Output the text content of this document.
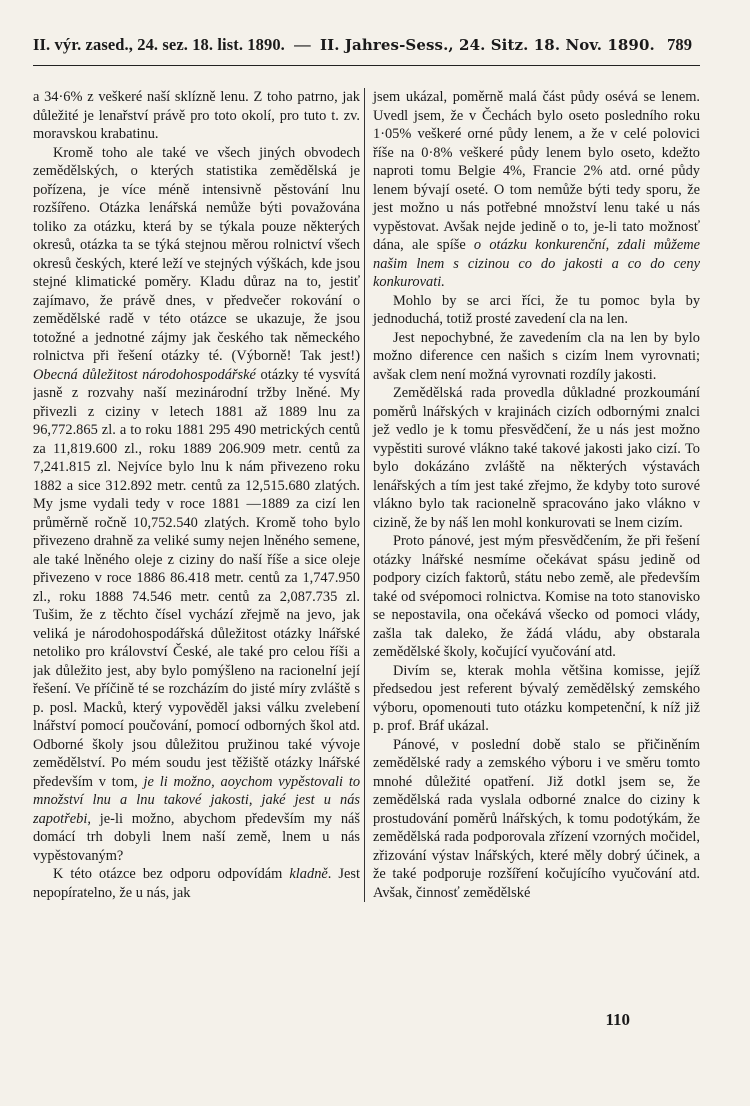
II. výr. zased., 24. sez. 18. list. 1890. — II. Jahres-Sess., 24. Sitz. 18. Nov. 1890. 789

a 34·6% z veškeré naší sklízně lenu. Z toho patrno, jak důležité je lenařství právě pro toto okolí, pro tuto t. zv. moravskou krabatinu.

Kromě toho ale také ve všech jiných obvodech zemědělských, o kterých statistika zemědělská je pořízena, je více méně intensivně pěstování lnu rozšířeno. Otázka lenářská nemůže býti považována toliko za otázku, která by se týkala pouze některých okresů, otázka ta se týká stejnou měrou rolnictví všech okresů českých, které leží ve stejných výškách, kde jsou stejné klimatické poměry. Kladu důraz na to, jestiť zajímavo, že právě dnes, v předvečer rokování o zemědělské radě v této otázce se ukazuje, že jsou totožné a jednotné zájmy jak českého tak německého rolnictva při řešení otázky té. (Výborně! Tak jest!) Obecná důležitost národohospodářské otázky té vysvítá jasně z rozvahy naší mezinárodní tržby lněné. My přivezli z ciziny v letech 1881 až 1889 lnu za 96,772.865 zl. a to roku 1881 295 490 metrických centů za 11,819.600 zl., roku 1889 206.909 metr. centů za 7,241.815 zl. Nejvíce bylo lnu k nám přivezeno roku 1882 a sice 312.892 metr. centů za 12,515.680 zlatých. My jsme vydali tedy v roce 1881 —1889 za cizí len průměrně ročně 10,752.540 zlatých. Kromě toho bylo přivezeno drahně za veliké sumy nejen lněného semene, ale také lněného oleje z ciziny do naší říše a sice oleje přivezeno v roce 1886 86.418 metr. centů za 1,747.950 zl., roku 1888 74.546 metr. centů za 2,087.735 zl. Tušim, že z těchto čísel vychází zřejmě na jevo, jak veliká je národohospodářská důležitost otázky lnářské netoliko pro království České, ale také pro celou říši a jak důležito jest, aby bylo pomýšleno na racionelní její řešení. Ve příčině té se rozcházím do jisté míry zvláště s p. posl. Macků, který vypověděl jaksi válku zvelebení lnářství pomocí poučování, pomocí odborných škol atd. Odborné školy jsou důležitou pružinou také vývoje zemědělství. Po mém soudu jest těžiště otázky lnářské především v tom, je li možno, aoychom vypěstovali to množství lnu a lnu takové jakosti, jaké jest u nás zapotřebi, je-li možno, abychom především my náš domácí trh dobyli lnem naší země, lnem u nás vypěstovaným?

K této otázce bez odporu odpovídám kladně. Jest nepopíratelno, že u nás, jak

jsem ukázal, poměrně malá část půdy osévá se lenem. Uvedl jsem, že v Čechách bylo oseto posledního roku 1·05% veškeré orné půdy lenem, a že v celé polovici říše na 0·8% veškeré půdy lenem bylo oseto, kdežto naproti tomu Belgie 4%, Francie 2% atd. orné půdy lenem bývají oseté. O tom nemůže býti tedy sporu, že jest možno u nás potřebné množství lenu také u nás vypěstovat. Avšak nejde jedině o to, je-li tato možnosť dána, ale spíše o otázku konkurenční, zdali můžeme našim lnem s cizinou co do jakosti a co do ceny konkurovati.

Mohlo by se arci říci, že tu pomoc byla by jednoduchá, totiž prosté zavedení cla na len.

Jest nepochybné, že zavedením cla na len by bylo možno diference cen našich s cizím lnem vyrovnati; avšak clem není možná vyrovnati rozdíly jakosti.

Zemědělská rada provedla důkladné prozkoumání poměrů lnářských v krajinách cizích odbornými znalci jež vedlo je k tomu přesvědčení, že u nás jest možno vypěstiti surové vlákno také takové jakosti jako cizí. To bylo dokázáno zvláště na některých výstavách lenářských a tím jest také zřejmo, že kdyby toto surové vlákno bylo tak racionelně spracováno jako vlákno v cizině, že by náš len mohl konkurovati se lnem cizím.

Proto pánové, jest mým přesvědčením, že při řešení otázky lnářské nesmíme očekávat spásu jedině od podpory cizích faktorů, státu nebo země, ale především také od svépomoci rolnictva. Komise na toto stanovisko se nepostavila, ona očekává všecko od pomoci vlády, zašla tak daleko, že žádá vládu, aby obstarala zemědělské školy, kočující vyučování atd.

Divím se, kterak mohla většina komisse, jejíž předsedou jest referent bývalý zemědělský zemského výboru, opomenouti tuto otázku kompetenční, k níž již p. prof. Bráf ukázal.

Pánové, v poslední době stalo se přičiněním zemědělské rady a zemského výboru i ve směru tomto mnohé důležité opatření. Již dotkl jsem se, že zemědělská rada vyslala odborné znalce do ciziny k prostudování poměrů lnářských, k tomu podotýkám, že zemědělská rada podporovala zřízení vzorných močidel, zřizování výstav lnářských, které měly dobrý účinek, a že také podporuje rozšíření kočujícího vyučování atd. Avšak, činnosť zemědělské

110
